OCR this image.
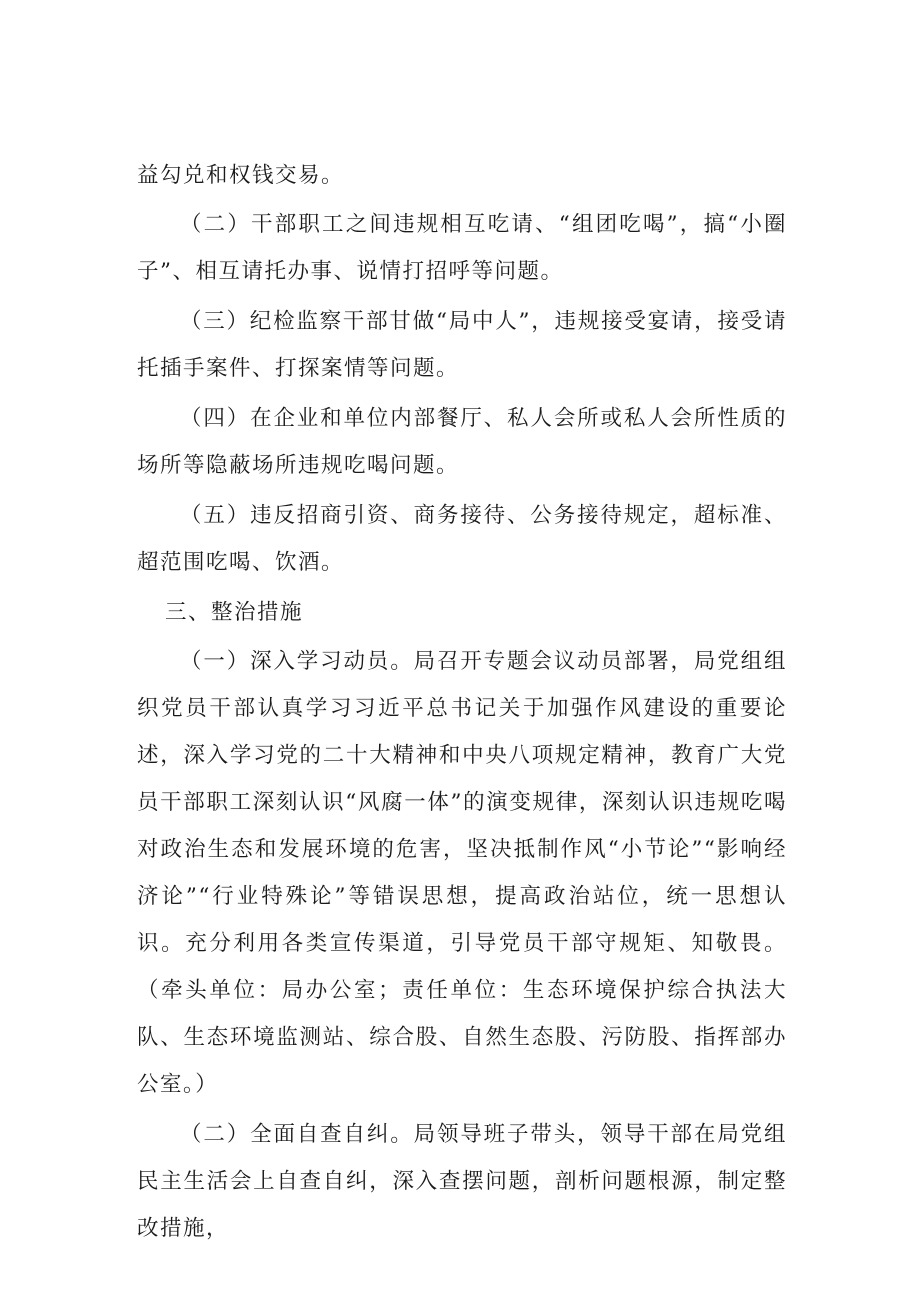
益勾兑和权钱交易。

（二）干部职工之间违规相互吃请、“组团吃喝”，搞“小圈子”、相互请托办事、说情打招呼等问题。

（三）纪检监察干部甘做“局中人”，违规接受宴请，接受请托插手案件、打探案情等问题。

（四）在企业和单位内部餐厅、私人会所或私人会所性质的场所等隐蔽场所违规吃喝问题。

（五）违反招商引资、商务接待、公务接待规定，超标准、超范围吃喝、饮酒。

三、整治措施

（一）深入学习动员。局召开专题会议动员部署，局党组组织党员干部认真学习习近平总书记关于加强作风建设的重要论述，深入学习党的二十大精神和中央八项规定精神，教育广大党员干部职工深刻认识“风腐一体”的演变规律，深刻认识违规吃喝对政治生态和发展环境的危害，坚决抵制作风“小节论”“影响经济论”“行业特殊论”等错误思想，提高政治站位，统一思想认识。充分利用各类宣传渠道，引导党员干部守规矩、知敬畏。（牵头单位：局办公室；责任单位：生态环境保护综合执法大队、生态环境监测站、综合股、自然生态股、污防股、指挥部办公室。）

（二）全面自查自纠。局领导班子带头，领导干部在局党组民主生活会上自查自纠，深入查摆问题，剖析问题根源，制定整改措施，
